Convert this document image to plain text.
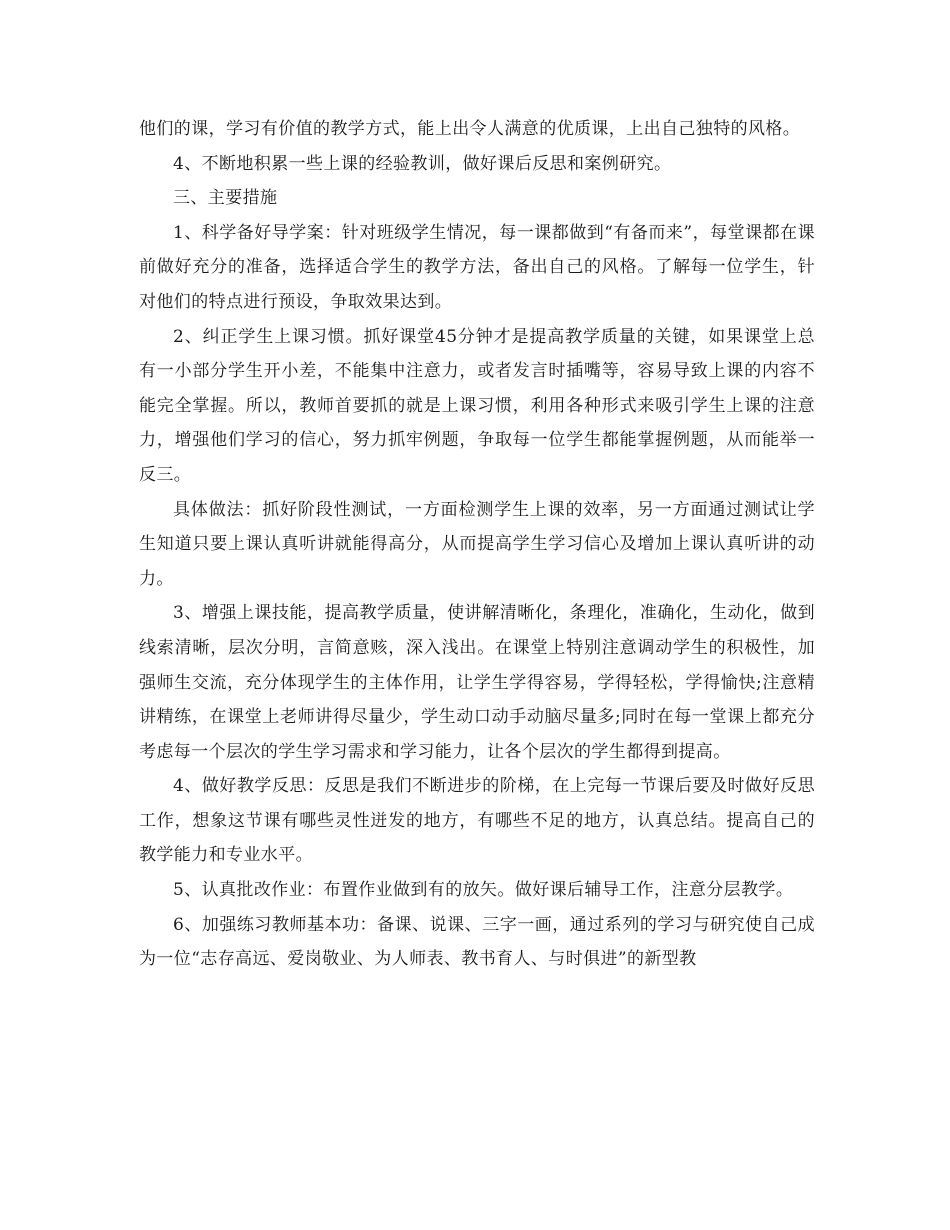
他们的课，学习有价值的教学方式，能上出令人满意的优质课，上出自己独特的风格。

4、不断地积累一些上课的经验教训，做好课后反思和案例研究。

三、主要措施

1、科学备好导学案：针对班级学生情况，每一课都做到“有备而来”，每堂课都在课前做好充分的准备，选择适合学生的教学方法，备出自己的风格。了解每一位学生，针对他们的特点进行预设，争取效果达到。

2、纠正学生上课习惯。抓好课堂45分钟才是提高教学质量的关键，如果课堂上总有一小部分学生开小差，不能集中注意力，或者发言时插嘴等，容易导致上课的内容不能完全掌握。所以，教师首要抓的就是上课习惯，利用各种形式来吸引学生上课的注意力，增强他们学习的信心，努力抓牢例题，争取每一位学生都能掌握例题，从而能举一反三。

具体做法：抓好阶段性测试，一方面检测学生上课的效率，另一方面通过测试让学生知道只要上课认真听讲就能得高分，从而提高学生学习信心及增加上课认真听讲的动力。

3、增强上课技能，提高教学质量，使讲解清晰化，条理化，准确化，生动化，做到线索清晰，层次分明，言简意赅，深入浅出。在课堂上特别注意调动学生的积极性，加强师生交流，充分体现学生的主体作用，让学生学得容易，学得轻松，学得愉快;注意精讲精练，在课堂上老师讲得尽量少，学生动口动手动脑尽量多;同时在每一堂课上都充分考虑每一个层次的学生学习需求和学习能力，让各个层次的学生都得到提高。

4、做好教学反思：反思是我们不断进步的阶梯，在上完每一节课后要及时做好反思工作，想象这节课有哪些灵性迸发的地方，有哪些不足的地方，认真总结。提高自己的教学能力和专业水平。

5、认真批改作业：布置作业做到有的放矢。做好课后辅导工作，注意分层教学。

6、加强练习教师基本功：备课、说课、三字一画，通过系列的学习与研究使自己成为一位“志存高远、爱岗敬业、为人师表、教书育人、与时俱进”的新型教
